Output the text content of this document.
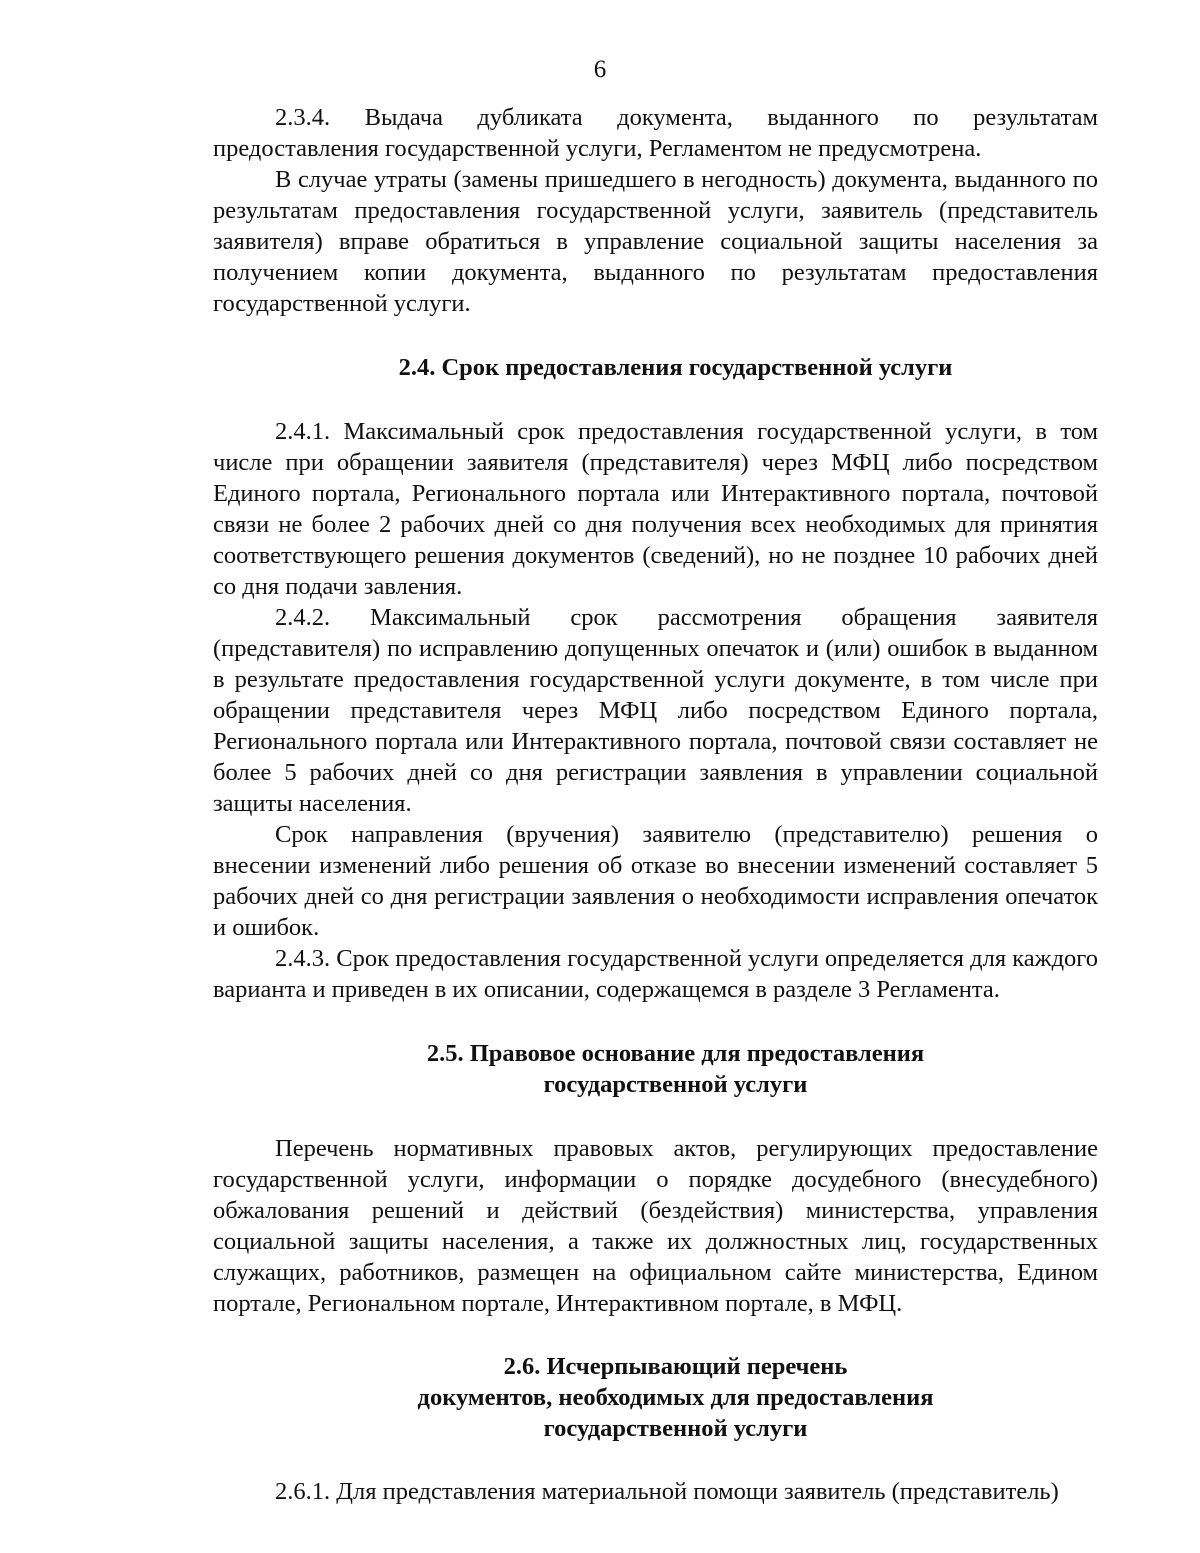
6

2.3.4. Выдача дубликата документа, выданного по результатам предоставления государственной услуги, Регламентом не предусмотрена.

В случае утраты (замены пришедшего в негодность) документа, выданного по результатам предоставления государственной услуги, заявитель (представитель заявителя) вправе обратиться в управление социальной защиты населения за получением копии документа, выданного по результатам предоставления государственной услуги.

2.4. Срок предоставления государственной услуги

2.4.1. Максимальный срок предоставления государственной услуги, в том числе при обращении заявителя (представителя) через МФЦ либо посредством Единого портала, Регионального портала или Интерактивного портала, почтовой связи не более 2 рабочих дней со дня получения всех необходимых для принятия соответствующего решения документов (сведений), но не позднее 10 рабочих дней со дня подачи завления.

2.4.2. Максимальный срок рассмотрения обращения заявителя (представителя) по исправлению допущенных опечаток и (или) ошибок в выданном в результате предоставления государственной услуги документе, в том числе при обращении представителя через МФЦ либо посредством Единого портала, Регионального портала или Интерактивного портала, почтовой связи составляет не более 5 рабочих дней со дня регистрации заявления в управлении социальной защиты населения.

Срок направления (вручения) заявителю (представителю) решения о внесении изменений либо решения об отказе во внесении изменений составляет 5 рабочих дней со дня регистрации заявления о необходимости исправления опечаток и ошибок.

2.4.3. Срок предоставления государственной услуги определяется для каждого варианта и приведен в их описании, содержащемся в разделе 3 Регламента.

2.5. Правовое основание для предоставления
государственной услуги

Перечень нормативных правовых актов, регулирующих предоставление государственной услуги, информации о порядке досудебного (внесудебного) обжалования решений и действий (бездействия) министерства, управления социальной защиты населения, а также их должностных лиц, государственных служащих, работников, размещен на официальном сайте министерства, Едином портале, Региональном портале, Интерактивном портале, в МФЦ.

2.6. Исчерпывающий перечень
документов, необходимых для предоставления
государственной услуги

2.6.1. Для представления материальной помощи заявитель (представитель)
